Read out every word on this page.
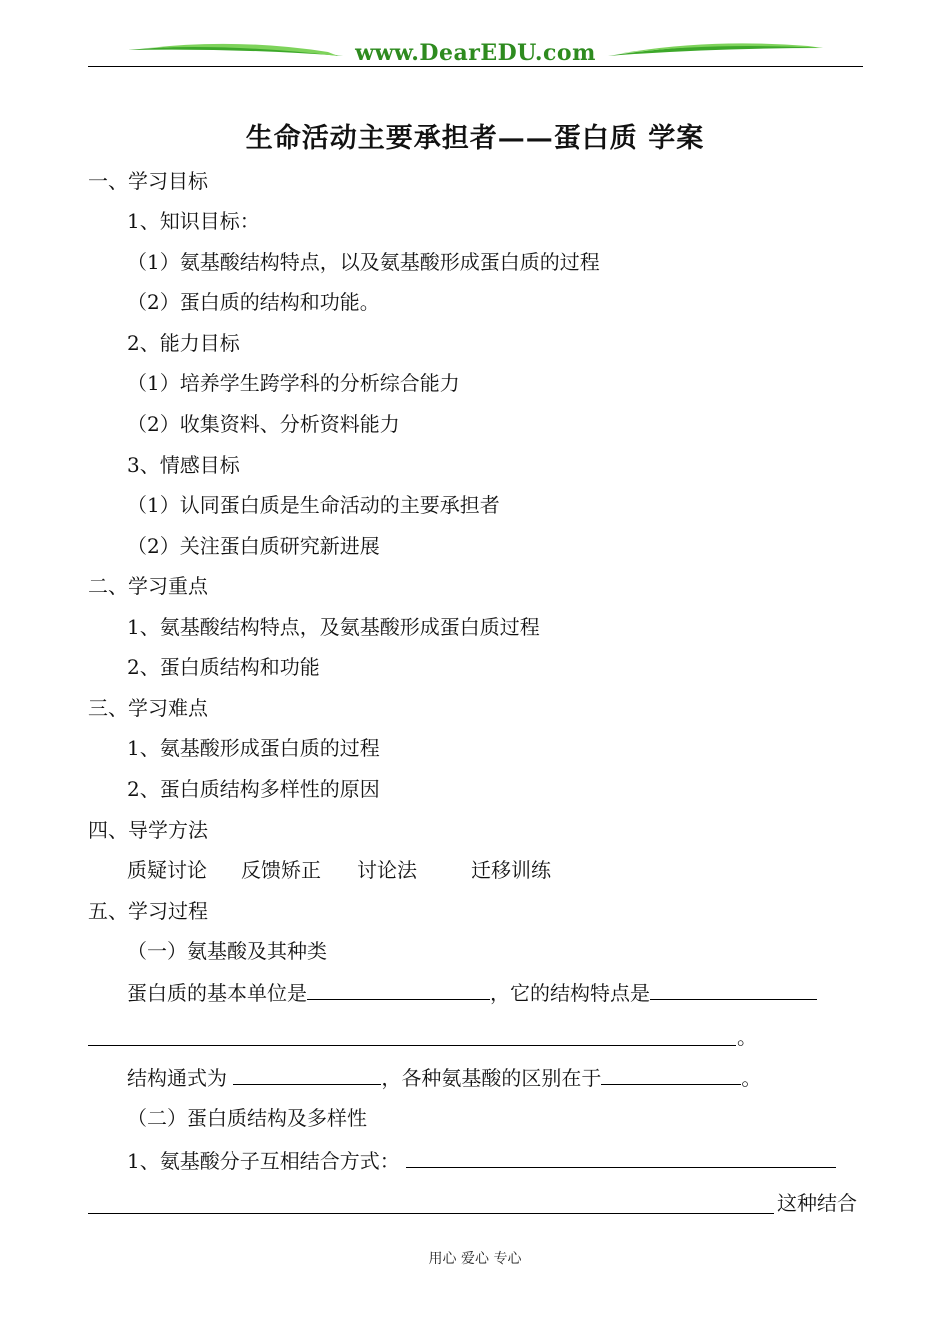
www.DearEDU.com
生命活动主要承担者——蛋白质 学案
一、学习目标
1、知识目标：
（1）氨基酸结构特点，以及氨基酸形成蛋白质的过程
（2）蛋白质的结构和功能。
2、能力目标
（1）培养学生跨学科的分析综合能力
（2）收集资料、分析资料能力
3、情感目标
（1）认同蛋白质是生命活动的主要承担者
（2）关注蛋白质研究新进展
二、学习重点
1、氨基酸结构特点，及氨基酸形成蛋白质过程
2、蛋白质结构和功能
三、学习难点
1、氨基酸形成蛋白质的过程
2、蛋白质结构多样性的原因
四、导学方法
质疑讨论 反馈矫正 讨论法	迁移训练
五、学习过程
（一）氨基酸及其种类
蛋白质的基本单位是	，它的结构特点是
。
结构通式为	，各种氨基酸的区别在于	。
（二）蛋白质结构及多样性
1、氨基酸分子互相结合方式：
这种结合
用心 爱心 专心
